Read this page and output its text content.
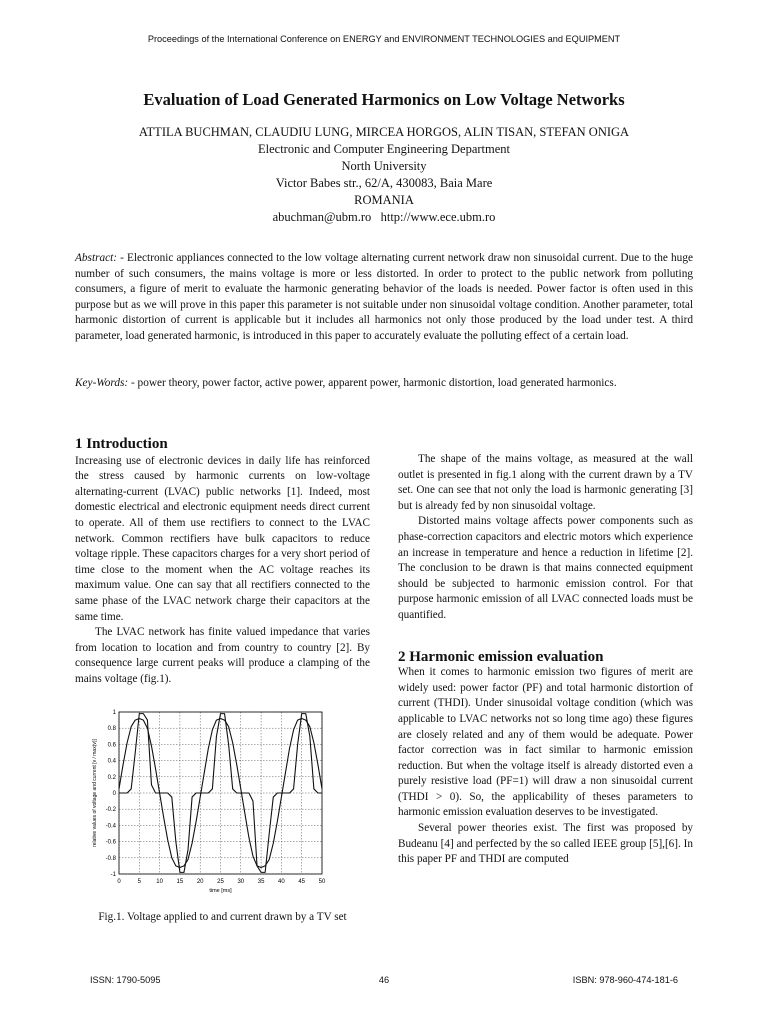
Proceedings of the International Conference on ENERGY and ENVIRONMENT TECHNOLOGIES and EQUIPMENT
Evaluation of Load Generated Harmonics on Low Voltage Networks
ATTILA BUCHMAN, CLAUDIU LUNG, MIRCEA HORGOS, ALIN TISAN, STEFAN ONIGA
Electronic and Computer Engineering Department
North University
Victor Babes str., 62/A, 430083, Baia Mare
ROMANIA
abuchman@ubm.ro http://www.ece.ubm.ro
Abstract: - Electronic appliances connected to the low voltage alternating current network draw non sinusoidal current. Due to the huge number of such consumers, the mains voltage is more or less distorted. In order to protect to the public network from polluting consumers, a figure of merit to evaluate the harmonic generating behavior of the loads is needed. Power factor is often used in this purpose but as we will prove in this paper this parameter is not suitable under non sinusoidal voltage condition. Another parameter, total harmonic distortion of current is applicable but it includes all harmonics not only those produced by the load under test. A third parameter, load generated harmonic, is introduced in this paper to accurately evaluate the polluting effect of a certain load.
Key-Words: - power theory, power factor, active power, apparent power, harmonic distortion, load generated harmonics.

1 Introduction

Increasing use of electronic devices in daily life has reinforced the stress caused by harmonic currents on low-voltage alternating-current (LVAC) public networks [1]. Indeed, most domestic electrical and electronic equipment needs direct current to operate. All of them use rectifiers to connect to the LVAC network. Common rectifiers have bulk capacitors to reduce voltage ripple. These capacitors charges for a very short period of time close to the moment when the AC voltage reaches its maximum value. One can say that all rectifiers connected to the same phase of the LVAC network charge their capacitors at the same time.

The LVAC network has finite valued impedance that varies from location to location and from country to country [2]. By consequence large current peaks will produce a clamping of the mains voltage (fig.1).

0	5	10 15 20 25 30 35 40 45 50
-1
-0.8
-0.6
-0.4
-0.2
0
0.2
0.4
0.6
0.8
1
time [ms]
relative values of voltage and current [v / max(v)]
Fig.1. Voltage applied to and current drawn by a TV set

The shape of the mains voltage, as measured at the wall outlet is presented in fig.1 along with the current drawn by a TV set. One can see that not only the load is harmonic generating [3] but is already fed by non sinusoidal voltage.

Distorted mains voltage affects power components such as phase-correction capacitors and electric motors which experience an increase in temperature and hence a reduction in lifetime [2]. The conclusion to be drawn is that mains connected equipment should be subjected to harmonic emission control. For that purpose harmonic emission of all LVAC connected loads must be quantified.

2 Harmonic emission evaluation

When it comes to harmonic emission two figures of merit are widely used: power factor (PF) and total harmonic distortion of current (THDI). Under sinusoidal voltage condition (which was applicable to LVAC networks not so long time ago) these figures are closely related and any of them would be adequate. Power factor correction was in fact similar to harmonic emission reduction. But when the voltage itself is already distorted even a purely resistive load (PF=1) will draw a non sinusoidal current (THDI > 0). So, the applicability of theses parameters to harmonic emission evaluation deserves to be investigated.

Several power theories exist. The first was proposed by Budeanu [4] and perfected by the so called IEEE group [5],[6]. In this paper PF and THDI are computed

ISSN: 1790-5095	46	ISBN: 978-960-474-181-6
